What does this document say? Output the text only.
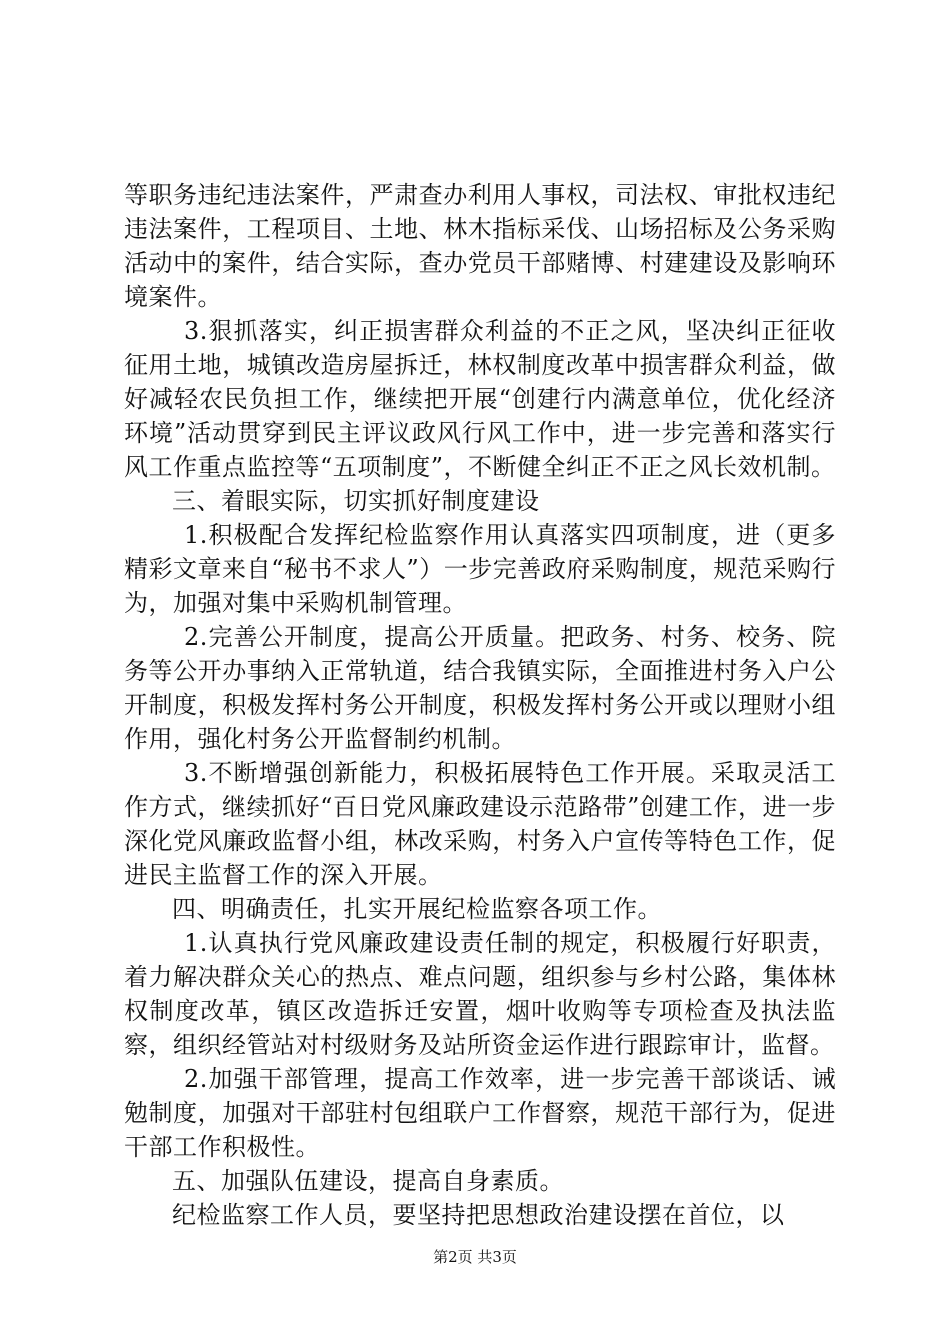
等职务违纪违法案件，严肃查办利用人事权，司法权、审批权违纪违法案件，工程项目、土地、林木指标采伐、山场招标及公务采购活动中的案件，结合实际，查办党员干部赌博、村建建设及影响环境案件。

3.狠抓落实，纠正损害群众利益的不正之风，坚决纠正征收征用土地，城镇改造房屋拆迁，林权制度改革中损害群众利益，做好减轻农民负担工作，继续把开展“创建行内满意单位，优化经济环境”活动贯穿到民主评议政风行风工作中，进一步完善和落实行风工作重点监控等“五项制度”，不断健全纠正不正之风长效机制。

三、着眼实际，切实抓好制度建设

1.积极配合发挥纪检监察作用认真落实四项制度，进（更多精彩文章来自“秘书不求人”）一步完善政府采购制度，规范采购行为，加强对集中采购机制管理。

2.完善公开制度，提高公开质量。把政务、村务、校务、院务等公开办事纳入正常轨道，结合我镇实际，全面推进村务入户公开制度，积极发挥村务公开制度，积极发挥村务公开或以理财小组作用，强化村务公开监督制约机制。

3.不断增强创新能力，积极拓展特色工作开展。采取灵活工作方式，继续抓好“百日党风廉政建设示范路带”创建工作，进一步深化党风廉政监督小组，林改采购，村务入户宣传等特色工作，促进民主监督工作的深入开展。

四、明确责任，扎实开展纪检监察各项工作。

1.认真执行党风廉政建设责任制的规定，积极履行好职责，着力解决群众关心的热点、难点问题，组织参与乡村公路，集体林权制度改革，镇区改造拆迁安置，烟叶收购等专项检查及执法监察，组织经管站对村级财务及站所资金运作进行跟踪审计，监督。

2.加强干部管理，提高工作效率，进一步完善干部谈话、诫勉制度，加强对干部驻村包组联户工作督察，规范干部行为，促进干部工作积极性。

五、加强队伍建设，提高自身素质。

纪检监察工作人员，要坚持把思想政治建设摆在首位，以

第2页 共3页
